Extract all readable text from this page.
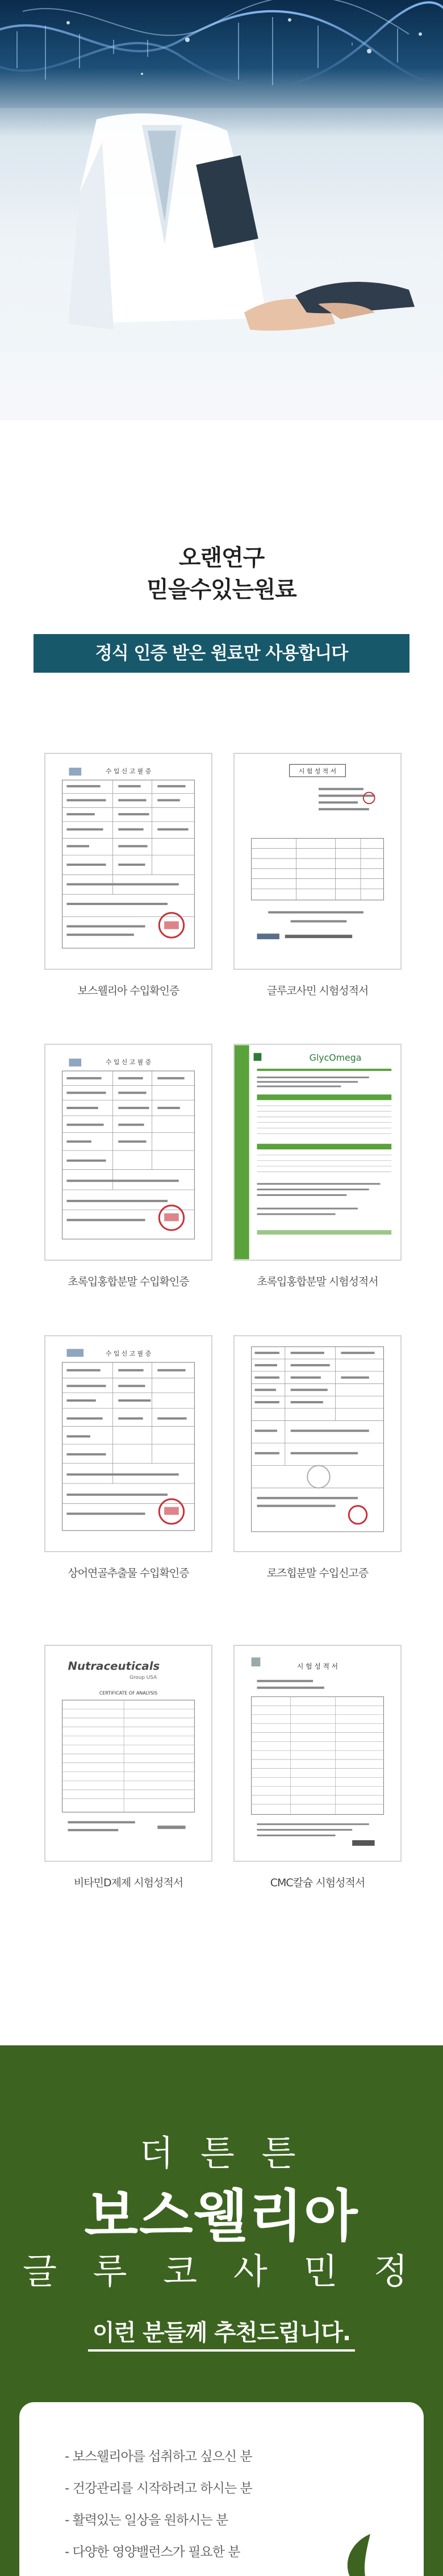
오랜연구
믿을수있는원료
정식 인증 받은 원료만 사용합니다
수 입 신 고 필 증
보스웰리아 수입확인증
시 험 성 적 서
글루코사민 시험성적서
수 입 신 고 필 증
초록입홍합분말 수입확인증
GlycOmega
초록입홍합분말 시험성적서
수 입 신 고 필 증
상어연골추출물 수입확인증	로즈힙분말 수입신고증
Nutraceuticals
Group USA
CERTIFICATE OF ANALYSIS
비타민D제제 시험성적서
시 험 성 적 서
CMC칼슘 시험성적서
더 튼 튼
보스웰리아
글 루 코 사 민 정
이런 분들께 추천드립니다.
- 보스웰리아를 섭취하고 싶으신 분
- 건강관리를 시작하려고 하시는 분
- 활력있는 일상을 원하시는 분
- 다양한 영양밸런스가 필요한 분
